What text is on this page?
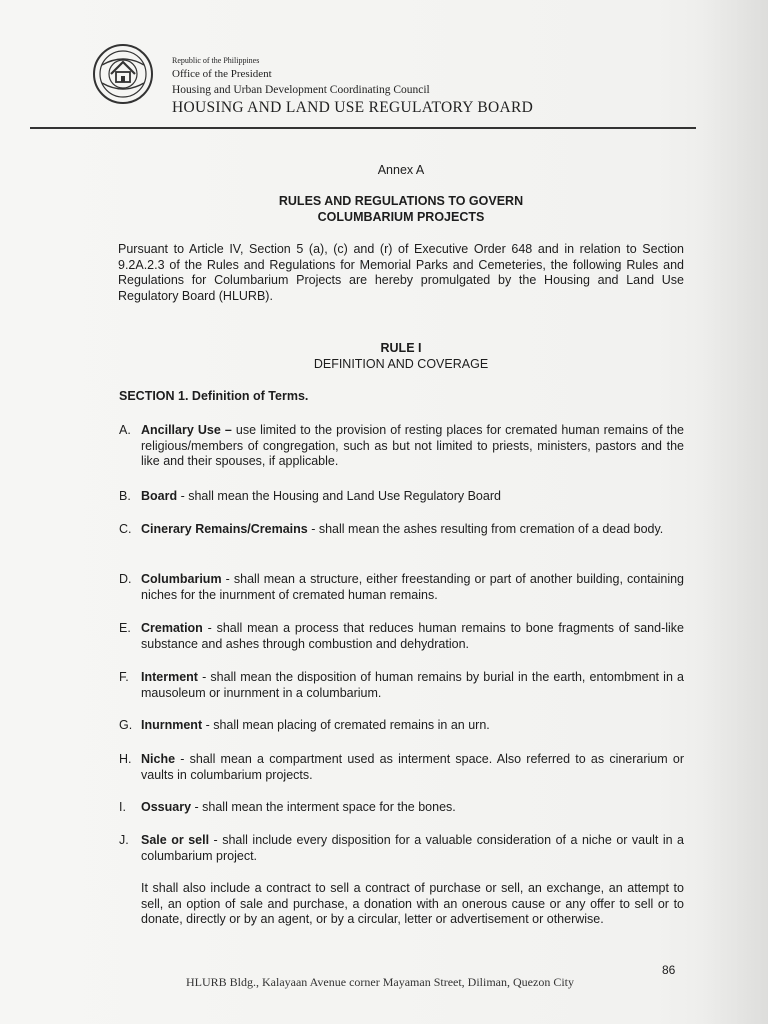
Republic of the Philippines
Office of the President
Housing and Urban Development Coordinating Council
HOUSING AND LAND USE REGULATORY BOARD
Annex A
RULES AND REGULATIONS TO GOVERN
COLUMBARIUM PROJECTS
Pursuant to Article IV, Section 5 (a), (c) and (r) of Executive Order 648 and in relation to Section 9.2A.2.3 of the Rules and Regulations for Memorial Parks and Cemeteries, the following Rules and Regulations for Columbarium Projects are hereby promulgated by the Housing and Land Use Regulatory Board (HLURB).
RULE I
DEFINITION AND COVERAGE
SECTION 1. Definition of Terms.
A. Ancillary Use – use limited to the provision of resting places for cremated human remains of the religious/members of congregation, such as but not limited to priests, ministers, pastors and the like and their spouses, if applicable.
B. Board - shall mean the Housing and Land Use Regulatory Board
C. Cinerary Remains/Cremains - shall mean the ashes resulting from cremation of a dead body.
D. Columbarium - shall mean a structure, either freestanding or part of another building, containing niches for the inurnment of cremated human remains.
E. Cremation - shall mean a process that reduces human remains to bone fragments of sand-like substance and ashes through combustion and dehydration.
F. Interment - shall mean the disposition of human remains by burial in the earth, entombment in a mausoleum or inurnment in a columbarium.
G. Inurnment - shall mean placing of cremated remains in an urn.
H. Niche - shall mean a compartment used as interment space. Also referred to as cinerarium or vaults in columbarium projects.
I. Ossuary - shall mean the interment space for the bones.
J. Sale or sell - shall include every disposition for a valuable consideration of a niche or vault in a columbarium project.
It shall also include a contract to sell a contract of purchase or sell, an exchange, an attempt to sell, an option of sale and purchase, a donation with an onerous cause or any offer to sell or to donate, directly or by an agent, or by a circular, letter or advertisement or otherwise.
86
HLURB Bldg., Kalayaan Avenue corner Mayaman Street, Diliman, Quezon City
